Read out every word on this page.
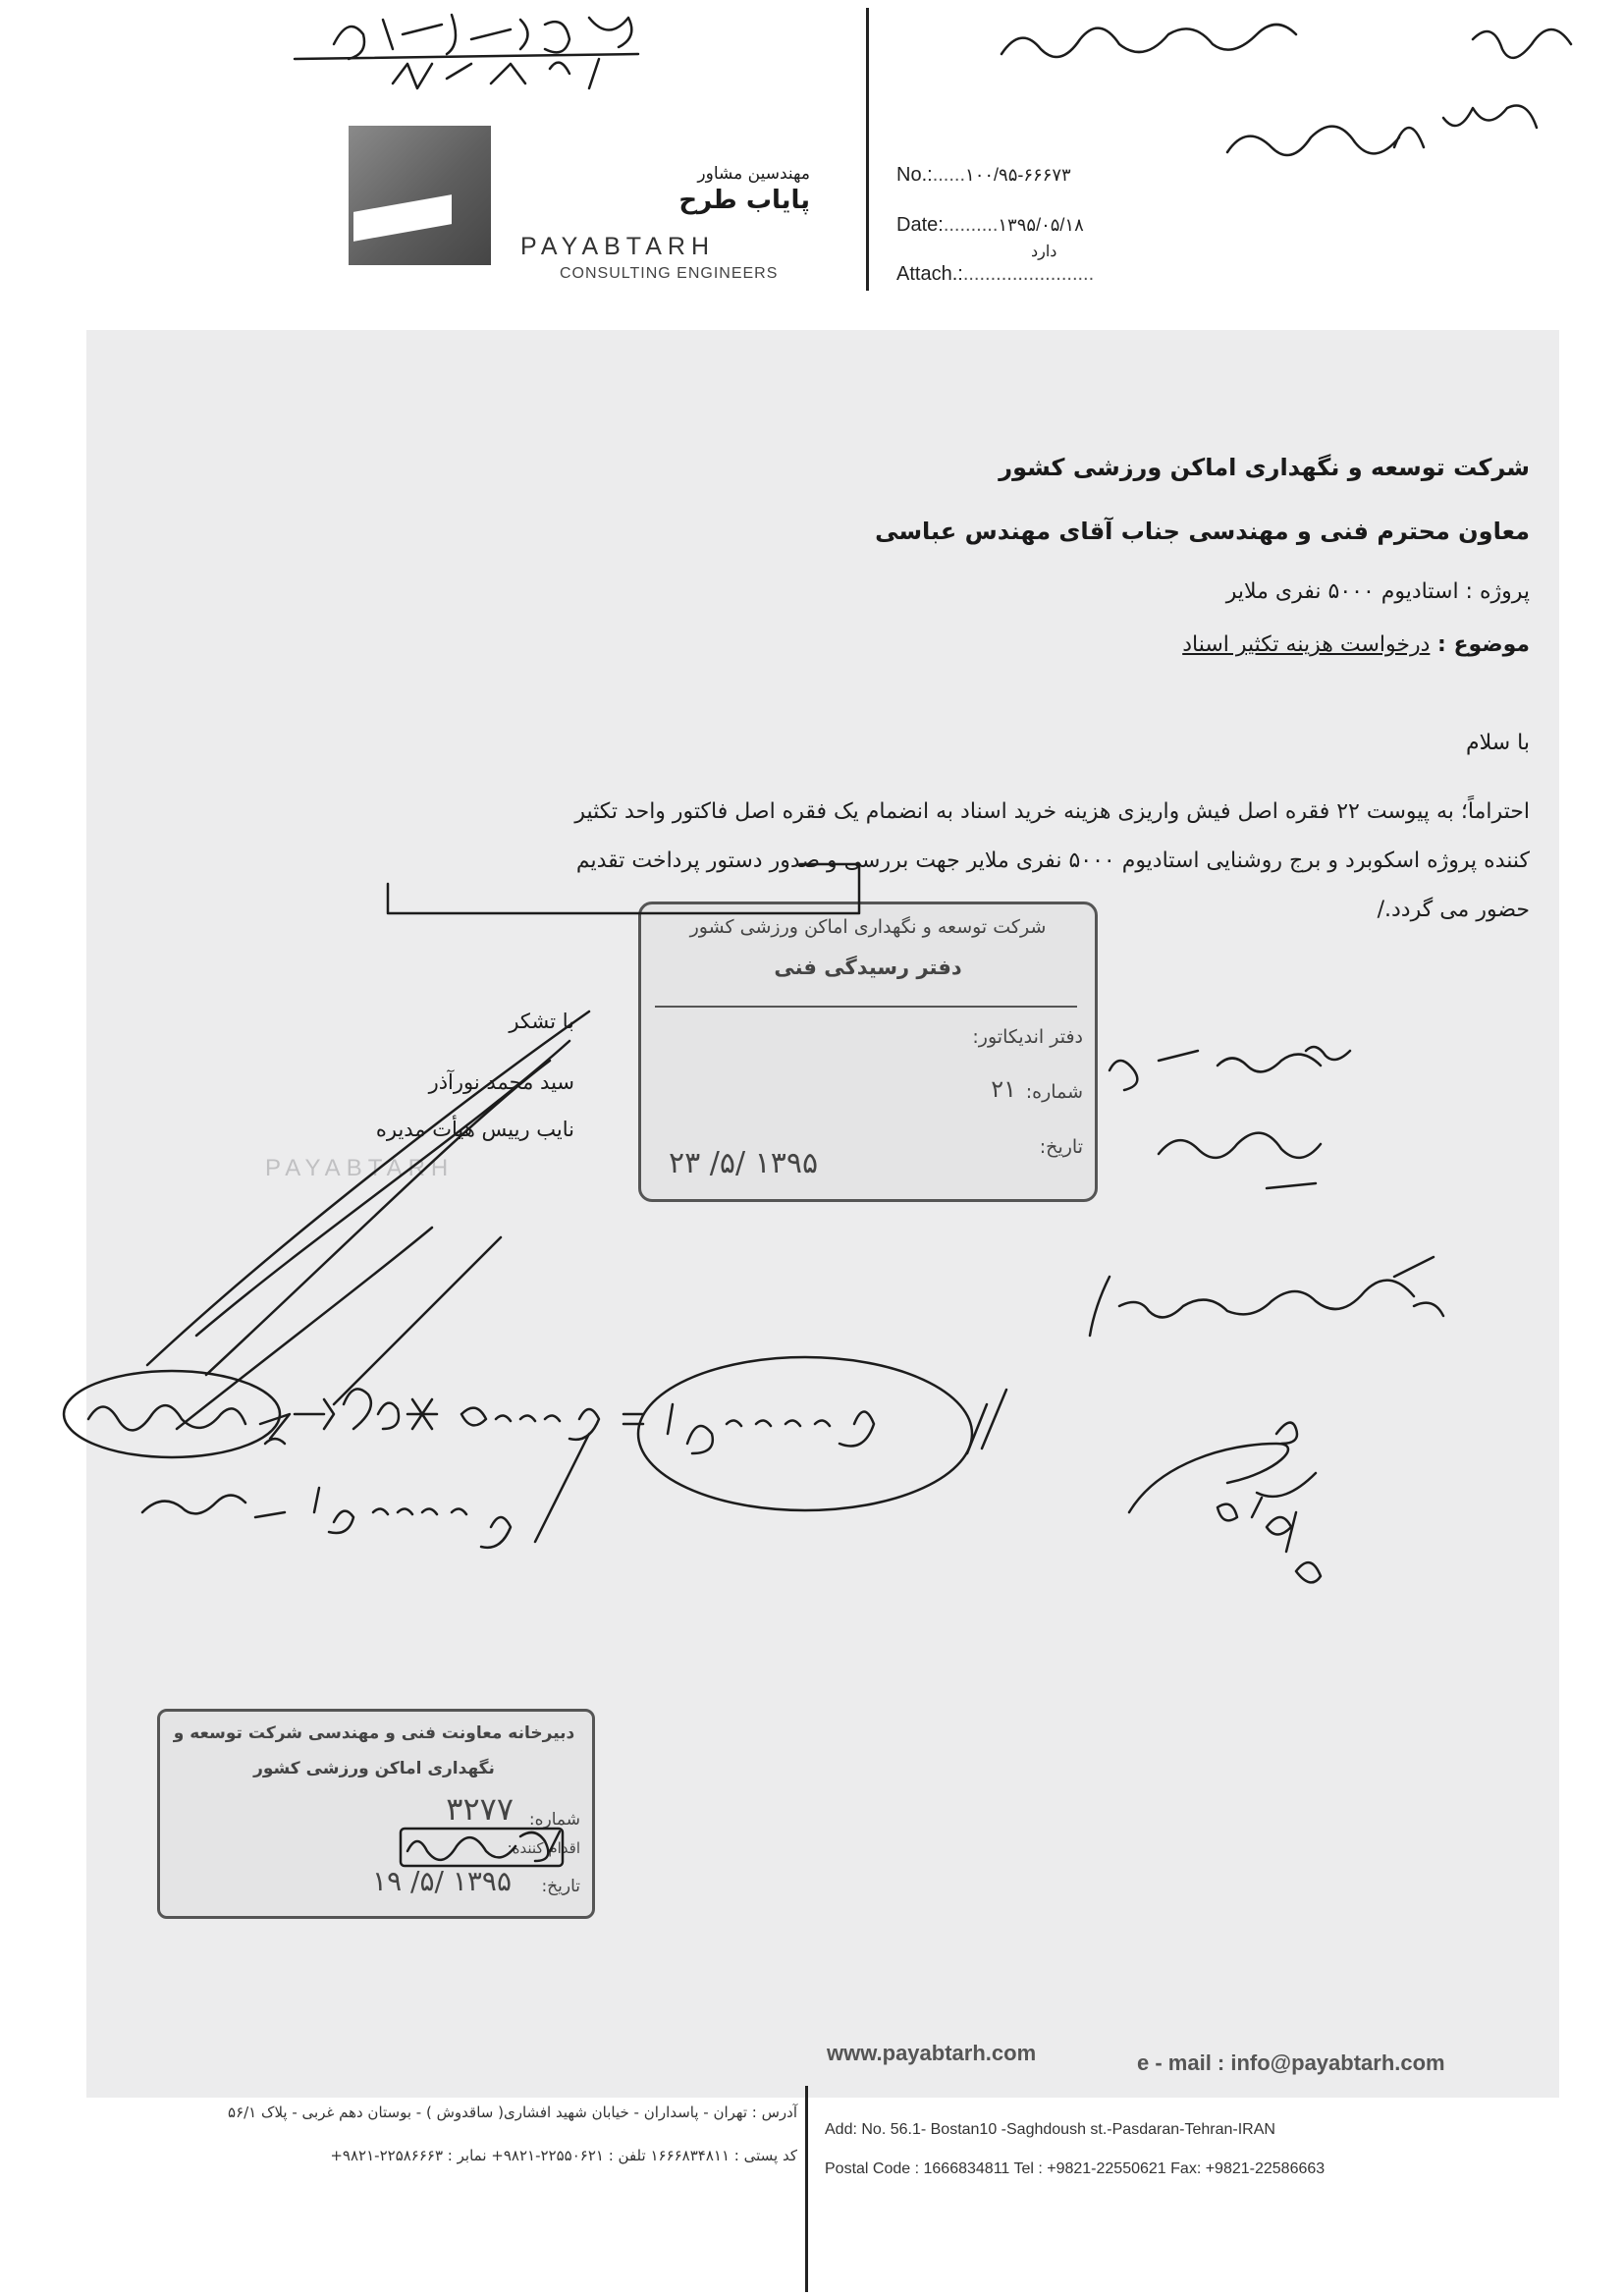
مهندسین مشاور
پایاب طرح
PAYABTARH
CONSULTING ENGINEERS
No.:......۱۰۰/۹۵-۶۶۶۷۳
Date:..........۱۳۹۵/۰۵/۱۸
دارد
Attach.:........................
شرکت توسعه و نگهداری اماکن ورزشی کشور
معاون محترم فنی و مهندسی جناب آقای مهندس عباسی
پروژه : استادیوم ۵۰۰۰ نفری ملایر
موضوع : درخواست هزینه تکثیر اسناد
با سلام
احتراماً؛ به پیوست ۲۲ فقره اصل فیش واریزی هزینه خرید اسناد به انضمام یک فقره اصل فاکتور واحد تکثیر
کننده پروژه اسکوبرد و برج روشنایی استادیوم ۵۰۰۰ نفری ملایر جهت بررسی و صدور دستور پرداخت تقدیم
حضور می گردد./
با تشکر
سید محمد نورآذر
نایب رییس هیأت مدیره
PAYABTARH
شرکت توسعه و نگهداری اماکن ورزشی کشور
دفتر رسیدگی فنی
دفتر اندیکاتور:
شماره:
۲۱
تاریخ:
۱۳۹۵ /۵/ ۲۳
دبیرخانه معاونت فنی و مهندسی شرکت توسعه و
نگهداری اماکن ورزشی کشور
شماره:
۳۲۷۷
اقدام کننده:
تاریخ:
۱۳۹۵ /۵/ ۱۹
www.payabtarh.com	e - mail : info@payabtarh.com
آدرس : تهران - پاسداران - خیابان شهید افشاری( ساقدوش ) - بوستان دهم غربی - پلاک ۵۶/۱
کد پستی : ۱۶۶۶۸۳۴۸۱۱ تلفن : ۲۲۵۵۰۶۲۱-۹۸۲۱+ نمابر : ۲۲۵۸۶۶۶۳-۹۸۲۱+
Add: No. 56.1- Bostan10 -Saghdoush st.-Pasdaran-Tehran-IRAN
Postal Code : 1666834811 Tel : +9821-22550621 Fax: +9821-22586663
